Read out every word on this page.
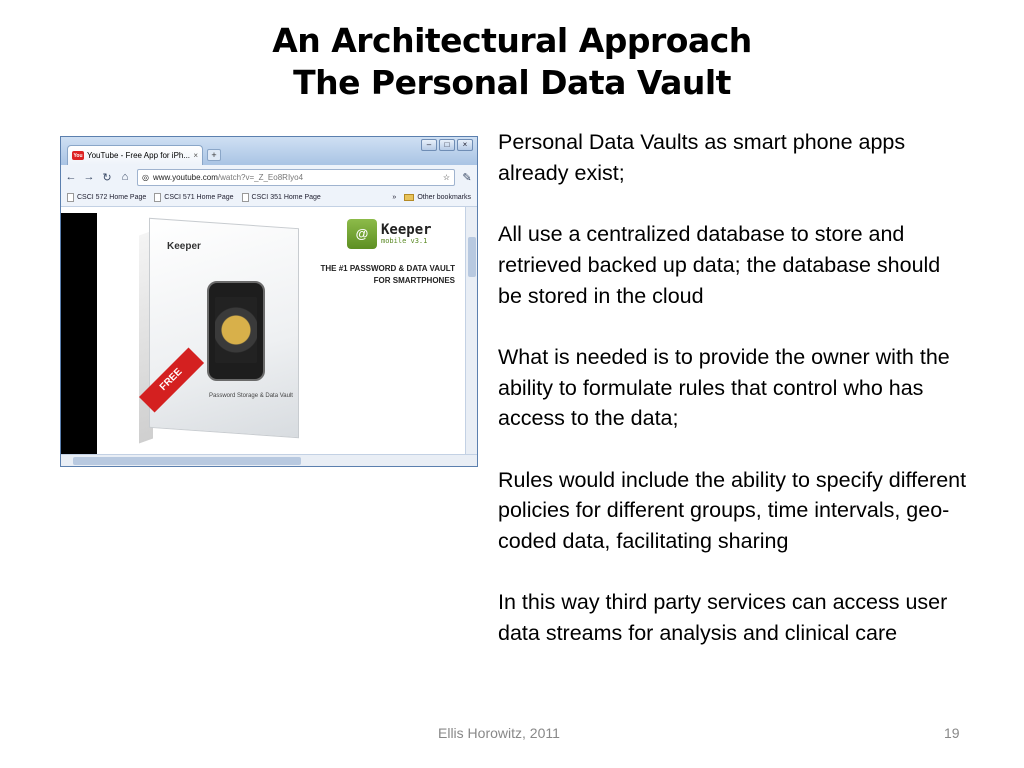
An Architectural Approach
The Personal Data Vault
You YouTube - Free App for iPh... ×	+
–	□	×
← → ↻ ⌂	◎ www.youtube.com/watch?v=_Z_Eo8RIyo4	☆ ✎
CSCI 572 Home Page	CSCI 571 Home Page	CSCI 351 Home Page	»	Other bookmarks
Keeper
Password Storage & Data Vault
FREE
@ Keeper
mobile v3.1
THE #1 PASSWORD & DATA VAULT
FOR SMARTPHONES
Personal Data Vaults as smart phone apps already exist;
All use a centralized database to store and retrieved backed up data; the database should be stored in the cloud
What is needed is to provide the owner with the ability to formulate rules that control who has access to the data;
Rules would include the ability to specify different policies for different groups, time intervals, geo-coded data, facilitating sharing
In this way third party services can access user data streams for analysis and clinical care
Ellis Horowitz, 2011	19
